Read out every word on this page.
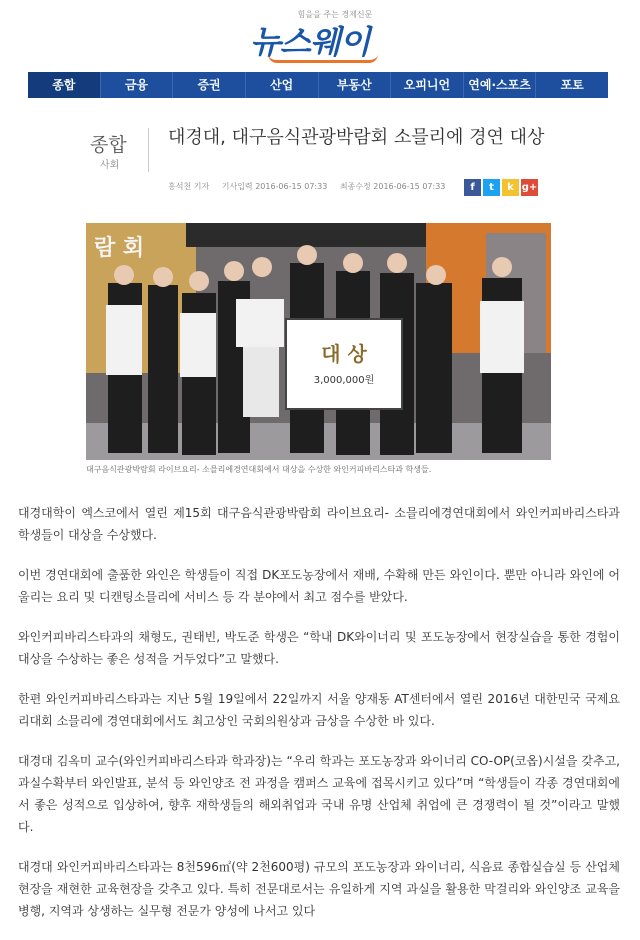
힘을을 주는 경제신문
뉴스웨이
종합	금융	증권	산업	부동산	오피니언	연예·스포츠	포토
종합
사회
대경대, 대구음식관광박람회 소믈리에 경연 대상
홍석천 기자 기사입력 2016-06-15 07:33 최종수정 2016-06-15 07:33	f	t	k g+
람 회
대 상
3,000,000원
대구음식관광박람회 라이브요리- 소믈리에경연대회에서 대상을 수상한 와인커피바리스타과 학생들.

대경대학이 엑스코에서 열린 제15회 대구음식관광박람회 라이브요리- 소믈리에경연대회에서 와인커피바리스타과 학생들이 대상을 수상했다.

이번 경연대회에 출품한 와인은 학생들이 직접 DK포도농장에서 재배, 수확해 만든 와인이다. 뿐만 아니라 와인에 어울리는 요리 및 디캔팅소믈리에 서비스 등 각 분야에서 최고 점수를 받았다.

와인커피바리스타과의 채형도, 권태빈, 박도준 학생은 “학내 DK와이너리 및 포도농장에서 현장실습을 통한 경험이 대상을 수상하는 좋은 성적을 거두었다”고 말했다.

한편 와인커피바리스타과는 지난 5월 19일에서 22일까지 서울 양재동 AT센터에서 열린 2016년 대한민국 국제요리대회 소믈리에 경연대회에서도 최고상인 국회의원상과 금상을 수상한 바 있다.

대경대 김옥미 교수(와인커피바리스타과 학과장)는 “우리 학과는 포도농장과 와이너리 CO-OP(코옵)시설을 갖추고, 과실수확부터 와인발표, 분석 등 와인양조 전 과정을 캠퍼스 교육에 접목시키고 있다”며 “학생들이 각종 경연대회에서 좋은 성적으로 입상하여, 향후 재학생들의 해외취업과 국내 유명 산업체 취업에 큰 경쟁력이 될 것”이라고 말했다.

대경대 와인커피바리스타과는 8천596㎡(약 2천600평) 규모의 포도농장과 와이너리, 식음료 종합실습실 등 산업체 현장을 재현한 교육현장을 갖추고 있다. 특히 전문대로서는 유일하게 지역 과실을 활용한 막걸리와 와인양조 교육을 병행, 지역과 상생하는 실무형 전문가 양성에 나서고 있다
